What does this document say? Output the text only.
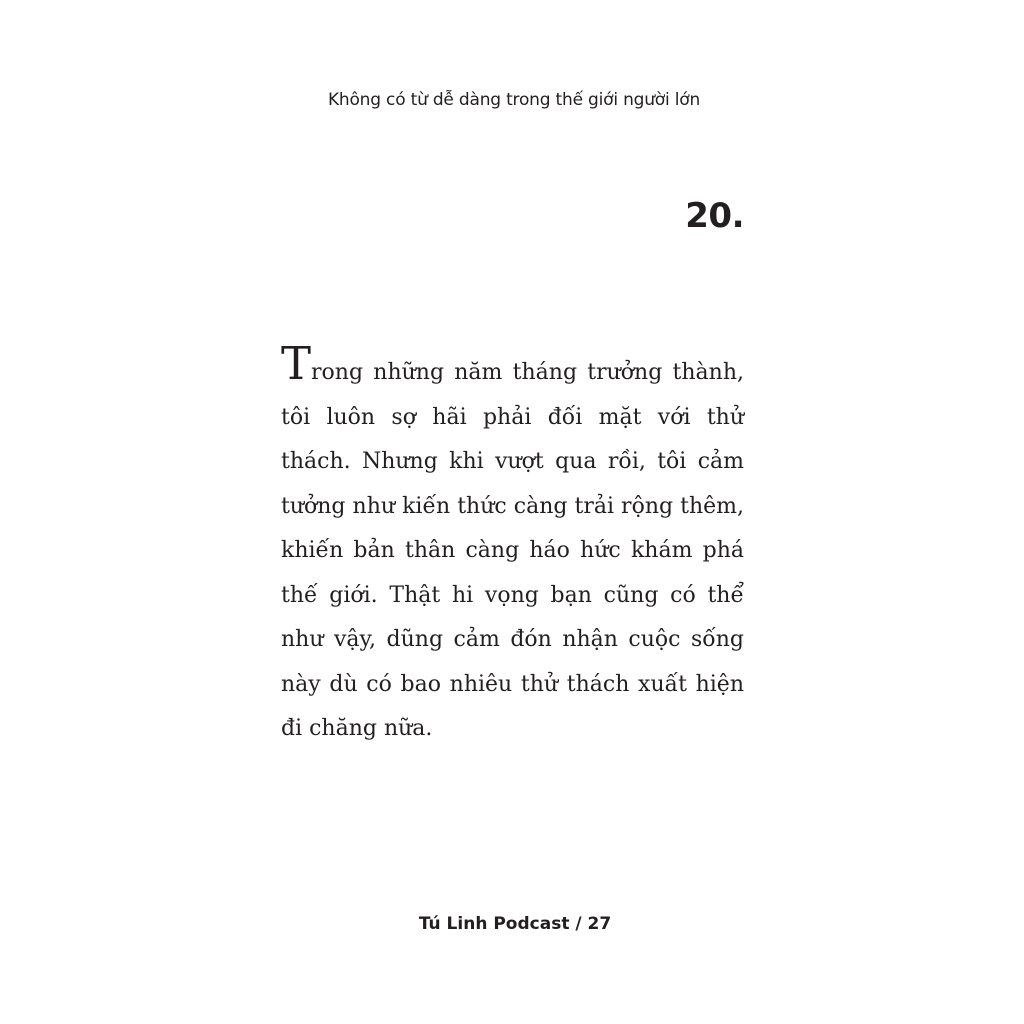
Không có từ dễ dàng trong thế giới người lớn
20.
Trong những năm tháng trưởng thành, tôi luôn sợ hãi phải đối mặt với thử thách. Nhưng khi vượt qua rồi, tôi cảm tưởng như kiến thức càng trải rộng thêm, khiến bản thân càng háo hức khám phá thế giới. Thật hi vọng bạn cũng có thể như vậy, dũng cảm đón nhận cuộc sống này dù có bao nhiêu thử thách xuất hiện đi chăng nữa.
Tú Linh Podcast / 27
